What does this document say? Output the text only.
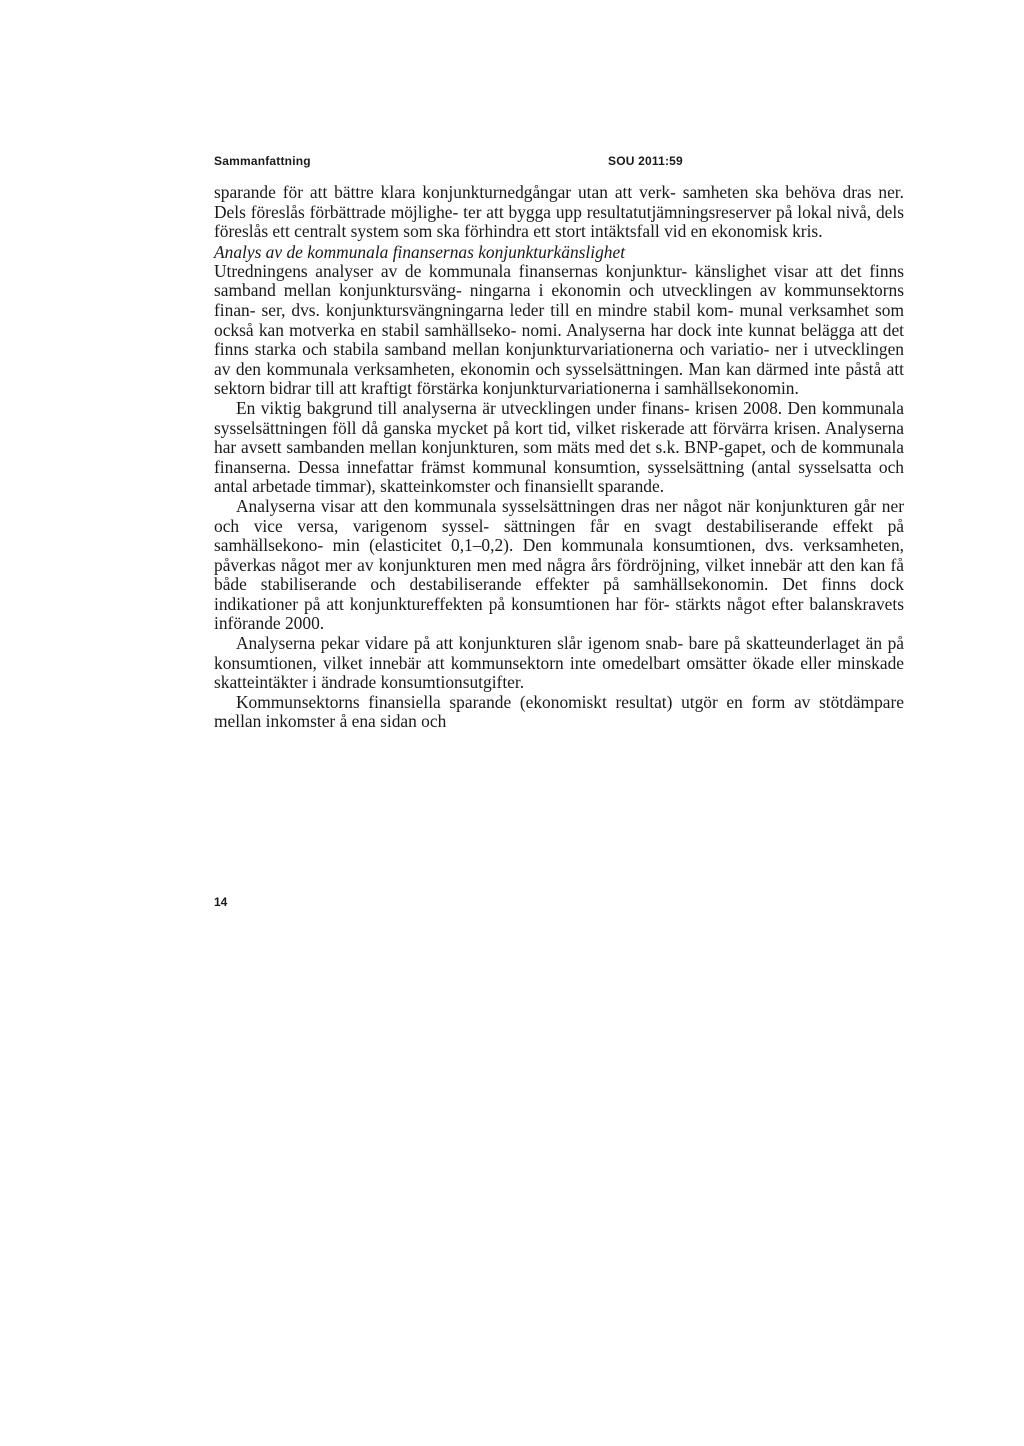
Sammanfattning	SOU 2011:59

sparande för att bättre klara konjunkturnedgångar utan att verk- samheten ska behöva dras ner. Dels föreslås förbättrade möjlighe- ter att bygga upp resultatutjämningsreserver på lokal nivå, dels föreslås ett centralt system som ska förhindra ett stort intäktsfall vid en ekonomisk kris.

Analys av de kommunala finansernas konjunkturkänslighet

Utredningens analyser av de kommunala finansernas konjunktur- känslighet visar att det finns samband mellan konjunktursväng- ningarna i ekonomin och utvecklingen av kommunsektorns finan- ser, dvs. konjunktursvängningarna leder till en mindre stabil kom- munal verksamhet som också kan motverka en stabil samhällseko- nomi. Analyserna har dock inte kunnat belägga att det finns starka och stabila samband mellan konjunkturvariationerna och variatio- ner i utvecklingen av den kommunala verksamheten, ekonomin och sysselsättningen. Man kan därmed inte påstå att sektorn bidrar till att kraftigt förstärka konjunkturvariationerna i samhällsekonomin.

En viktig bakgrund till analyserna är utvecklingen under finans- krisen 2008. Den kommunala sysselsättningen föll då ganska mycket på kort tid, vilket riskerade att förvärra krisen. Analyserna har avsett sambanden mellan konjunkturen, som mäts med det s.k. BNP-gapet, och de kommunala finanserna. Dessa innefattar främst kommunal konsumtion, sysselsättning (antal sysselsatta och antal arbetade timmar), skatteinkomster och finansiellt sparande.

Analyserna visar att den kommunala sysselsättningen dras ner något när konjunkturen går ner och vice versa, varigenom syssel- sättningen får en svagt destabiliserande effekt på samhällsekono- min (elasticitet 0,1–0,2). Den kommunala konsumtionen, dvs. verksamheten, påverkas något mer av konjunkturen men med några års fördröjning, vilket innebär att den kan få både stabiliserande och destabiliserande effekter på samhällsekonomin. Det finns dock indikationer på att konjunktureffekten på konsumtionen har för- stärkts något efter balanskravets införande 2000.

Analyserna pekar vidare på att konjunkturen slår igenom snab- bare på skatteunderlaget än på konsumtionen, vilket innebär att kommunsektorn inte omedelbart omsätter ökade eller minskade skatteintäkter i ändrade konsumtionsutgifter.

Kommunsektorns finansiella sparande (ekonomiskt resultat) utgör en form av stötdämpare mellan inkomster å ena sidan och

14
